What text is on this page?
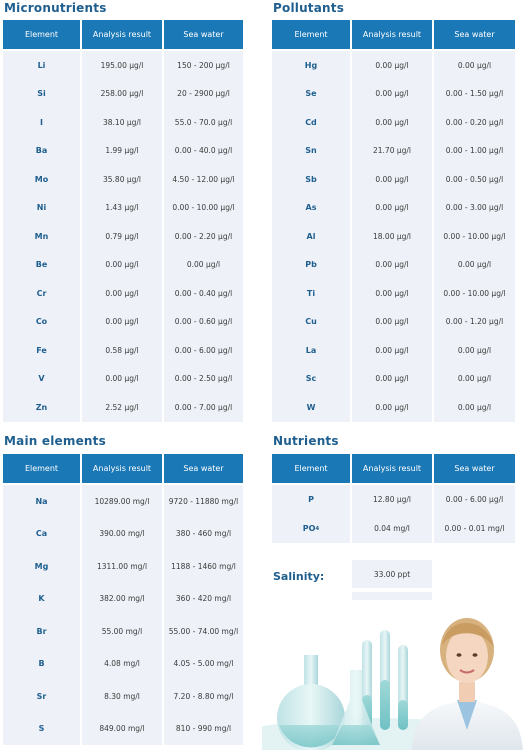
Micronutrients
Element	Analysis result	Sea water
Li	195.00 µg/l	150 - 200 µg/l
Si	258.00 µg/l	20 - 2900 µg/l
I	38.10 µg/l	55.0 - 70.0 µg/l
Ba	1.99 µg/l	0.00 - 40.0 µg/l
Mo	35.80 µg/l	4.50 - 12.00 µg/l
Ni	1.43 µg/l	0.00 - 10.00 µg/l
Mn	0.79 µg/l	0.00 - 2.20 µg/l
Be	0.00 µg/l	0.00 µg/l
Cr	0.00 µg/l	0.00 - 0.40 µg/l
Co	0.00 µg/l	0.00 - 0.60 µg/l
Fe	0.58 µg/l	0.00 - 6.00 µg/l
V	0.00 µg/l	0.00 - 2.50 µg/l
Zn	2.52 µg/l	0.00 - 7.00 µg/l
Pollutants
Element	Analysis result	Sea water
Hg	0.00 µg/l	0.00 µg/l
Se	0.00 µg/l	0.00 - 1.50 µg/l
Cd	0.00 µg/l	0.00 - 0.20 µg/l
Sn	21.70 µg/l	0.00 - 1.00 µg/l
Sb	0.00 µg/l	0.00 - 0.50 µg/l
As	0.00 µg/l	0.00 - 3.00 µg/l
Al	18.00 µg/l	0.00 - 10.00 µg/l
Pb	0.00 µg/l	0.00 µg/l
Ti	0.00 µg/l	0.00 - 10.00 µg/l
Cu	0.00 µg/l	0.00 - 1.20 µg/l
La	0.00 µg/l	0.00 µg/l
Sc	0.00 µg/l	0.00 µg/l
W	0.00 µg/l	0.00 µg/l
Main elements
Element	Analysis result	Sea water
Na	10289.00 mg/l	9720 - 11880 mg/l
Ca	390.00 mg/l	380 - 460 mg/l
Mg	1311.00 mg/l	1188 - 1460 mg/l
K	382.00 mg/l	360 - 420 mg/l
Br	55.00 mg/l	55.00 - 74.00 mg/l
B	4.08 mg/l	4.05 - 5.00 mg/l
Sr	8.30 mg/l	7.20 - 8.80 mg/l
S	849.00 mg/l	810 - 990 mg/l
Nutrients
Element	Analysis result	Sea water
P	12.80 µg/l	0.00 - 6.00 µg/l
PO 4	0.04 mg/l	0.00 - 0.01 mg/l
Salinity:	33.00 ppt
